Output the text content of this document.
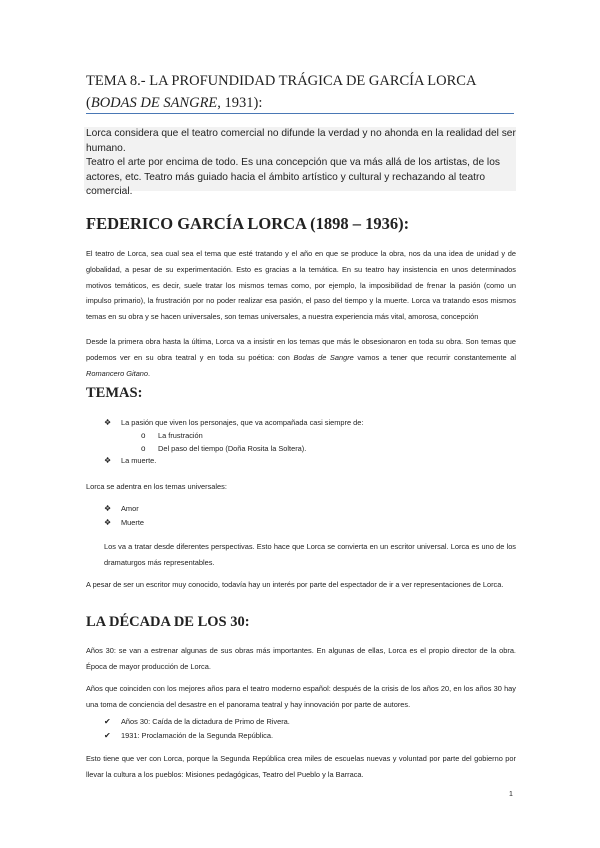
TEMA 8.- LA PROFUNDIDAD TRÁGICA DE GARCÍA LORCA (BODAS DE SANGRE, 1931):
Lorca considera que el teatro comercial no difunde la verdad y no ahonda en la realidad del ser humano.
Teatro el arte por encima de todo. Es una concepción que va más allá de los artistas, de los actores, etc. Teatro más guiado hacia el ámbito artístico y cultural y rechazando al teatro comercial.
FEDERICO GARCÍA LORCA (1898 – 1936):
El teatro de Lorca, sea cual sea el tema que esté tratando y el año en que se produce la obra, nos da una idea de unidad y de globalidad, a pesar de su experimentación. Esto es gracias a la temática. En su teatro hay insistencia en unos determinados motivos temáticos, es decir, suele tratar los mismos temas como, por ejemplo, la imposibilidad de frenar la pasión (como un impulso primario), la frustración por no poder realizar esa pasión, el paso del tiempo y la muerte. Lorca va tratando esos mismos temas en su obra y se hacen universales, son temas universales, a nuestra experiencia más vital, amorosa, concepción
Desde la primera obra hasta la última, Lorca va a insistir en los temas que más le obsesionaron en toda su obra. Son temas que podemos ver en su obra teatral y en toda su poética: con Bodas de Sangre vamos a tener que recurrir constantemente al Romancero Gitano.
TEMAS:
❖ La pasión que viven los personajes, que va acompañada casi siempre de:
o La frustración
o Del paso del tiempo (Doña Rosita la Soltera).
❖ La muerte.
Lorca se adentra en los temas universales:
❖ Amor
❖ Muerte
Los va a tratar desde diferentes perspectivas. Esto hace que Lorca se convierta en un escritor universal. Lorca es uno de los dramaturgos más representables.
A pesar de ser un escritor muy conocido, todavía hay un interés por parte del espectador de ir a ver representaciones de Lorca.
LA DÉCADA DE LOS 30:
Años 30: se van a estrenar algunas de sus obras más importantes. En algunas de ellas, Lorca es el propio director de la obra. Época de mayor producción de Lorca.
Años que coinciden con los mejores años para el teatro moderno español: después de la crisis de los años 20, en los años 30 hay una toma de conciencia del desastre en el panorama teatral y hay innovación por parte de autores.
✔ Años 30: Caída de la dictadura de Primo de Rivera.
✔ 1931: Proclamación de la Segunda República.
Esto tiene que ver con Lorca, porque la Segunda República crea miles de escuelas nuevas y voluntad por parte del gobierno por llevar la cultura a los pueblos: Misiones pedagógicas, Teatro del Pueblo y la Barraca.
1
